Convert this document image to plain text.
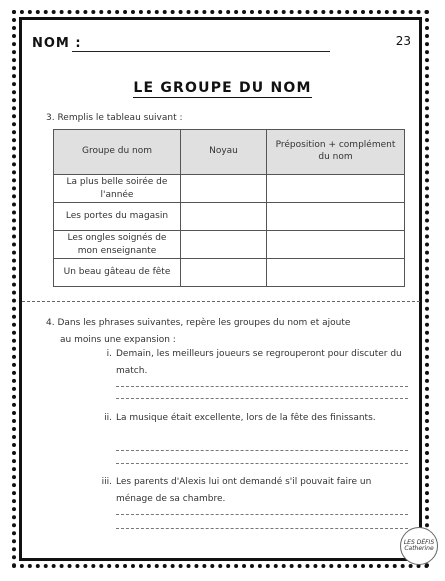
NOM :	23
LE GROUPE DU NOM
3. Remplis le tableau suivant :
Groupe du nom	Noyau	Préposition + complément du nom
La plus belle soirée de l'année		
Les portes du magasin		
Les ongles soignés de mon enseignante		
Un beau gâteau de fête		
4. Dans les phrases suivantes, repère les groupes du nom et ajoute
au moins une expansion :
i. Demain, les meilleurs joueurs se regrouperont pour discuter du match.
ii. La musique était excellente, lors de la fête des finissants.
iii. Les parents d'Alexis lui ont demandé s'il pouvait faire un ménage de sa chambre.
LES DÉFIS Catherine
